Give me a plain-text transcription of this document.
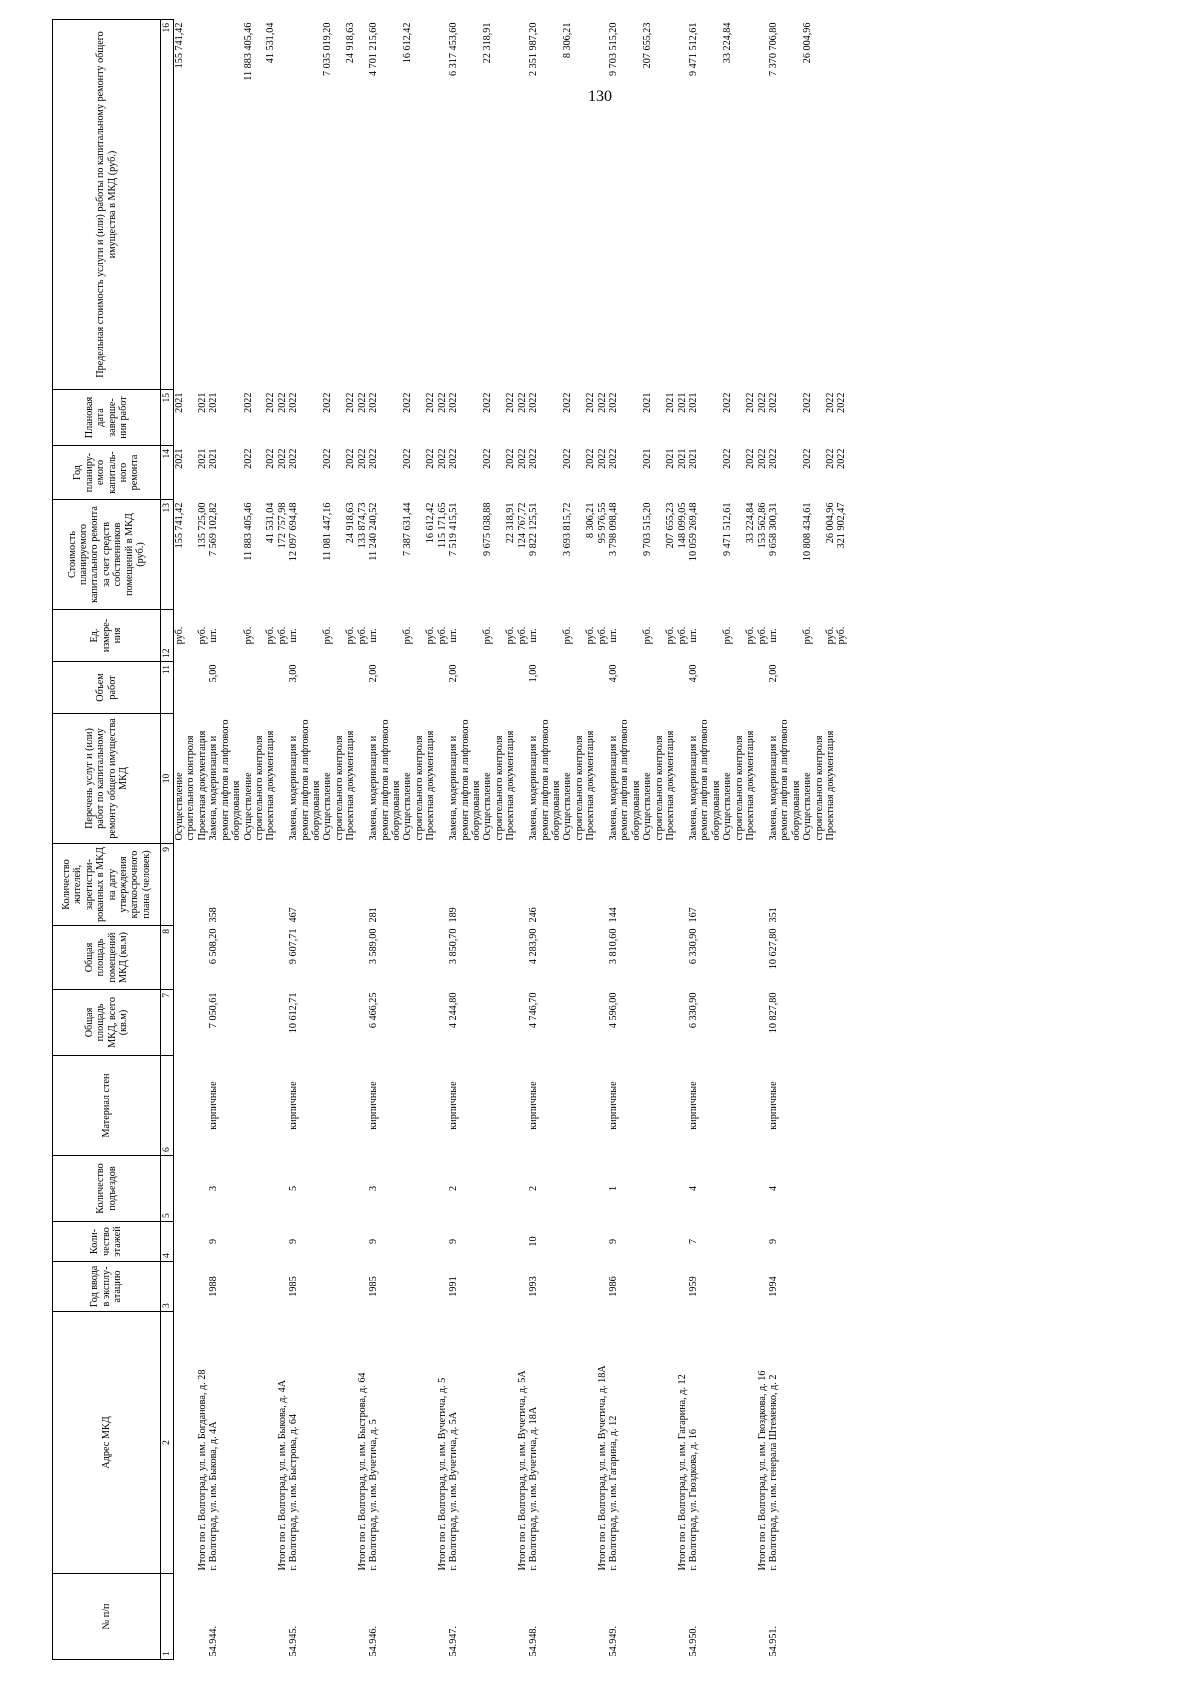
130
№ п/п	Адрес МКД	Год ввода в эксплу-атацию	Коли-чество этажей	Количество подъездов	Материал стен	Общая площадь МКД, всего (кв.м)	Общая площадь помещений МКД (кв.м)	Количество жителей, зарегистри-рованных в МКД на дату утверждения краткосрочного плана (человек)	Перечень услуг и (или) работ по капитальному ремонту общего имущества МКД	Объем работ	Ед. измере-ния	Стоимость планируемого капитального ремонта за счет средств собственников помещений в МКД (руб.)	Год планиру-емого капиталь-ного ремонта	Плановая дата заверше-ния работ	Предельная стоимость услуги и (или) работы по капитальному ремонту общего имущества в МКД (руб.)
1	2	3	4	5	6	7	8	9	10	11	12	13	14	15	16
									Осуществление строительного контроля		руб.	155 741,42	2021	2021	155 741,42
	Итого по г. Волгоград, ул. им. Богданова, д. 28								Проектная документация		руб.	135 725,00	2021	2021	
54.944.	г. Волгоград, ул. им. Быкова, д. 4А	1988	9	3	кирпичные	7 050,61	6 508,20	358	Замена, модернизация и ремонт лифтов и лифтового оборудования	5,00	шт.	7 569 102,82	2021	2021	
									Осуществление строительного контроля		руб.	11 883 405,46	2022	2022	11 883 405,46
									Проектная документация		руб.	41 531,04	2022	2022	41 531,04
	Итого по г. Волгоград, ул. им. Быкова, д. 4А										руб.	172 757,98	2022	2022	
54.945.	г. Волгоград, ул. им. Быстрова, д. 64	1985	9	5	кирпичные	10 612,71	9 607,71	467	Замена, модернизация и ремонт лифтов и лифтового оборудования	3,00	шт.	12 097 694,48	2022	2022	
									Осуществление строительного контроля		руб.	11 081 447,16	2022	2022	7 035 019,20
									Проектная документация		руб.	24 918,63	2022	2022	24 918,63
	Итого по г. Волгоград, ул. им. Быстрова, д. 64										руб.	133 874,73	2022	2022	
54.946.	г. Волгоград, ул. им. Вучетича, д. 5	1985	9	3	кирпичные	6 466,25	3 589,00	281	Замена, модернизация и ремонт лифтов и лифтового оборудования	2,00	шт.	11 240 240,52	2022	2022	4 701 215,60
									Осуществление строительного контроля		руб.	7 387 631,44	2022	2022	16 612,42
									Проектная документация		руб.	16 612,42	2022	2022	
	Итого по г. Волгоград, ул. им. Вучетича, д. 5										руб.	115 171,65	2022	2022	
54.947.	г. Волгоград, ул. им. Вучетича, д. 5А	1991	9	2	кирпичные	4 244,80	3 850,70	189	Замена, модернизация и ремонт лифтов и лифтового оборудования	2,00	шт.	7 519 415,51	2022	2022	6 317 453,60
									Осуществление строительного контроля		руб.	9 675 038,88	2022	2022	22 318,91
									Проектная документация		руб.	22 318,91	2022	2022	
	Итого по г. Волгоград, ул. им. Вучетича, д. 5А										руб.	124 767,72	2022	2022	
54.948.	г. Волгоград, ул. им. Вучетича, д. 18А	1993	10	2	кирпичные	4 746,70	4 283,90	246	Замена, модернизация и ремонт лифтов и лифтового оборудования	1,00	шт.	9 822 125,51	2022	2022	2 351 987,20
									Осуществление строительного контроля		руб.	3 693 815,72	2022	2022	8 306,21
									Проектная документация		руб.	8 306,21	2022	2022	
	Итого по г. Волгоград, ул. им. Вучетича, д. 18А										руб.	95 976,55	2022	2022	
54.949.	г. Волгоград, ул. им. Гагарина, д. 12	1986	9	1	кирпичные	4 596,00	3 810,60	144	Замена, модернизация и ремонт лифтов и лифтового оборудования	4,00	шт.	3 798 098,48	2022	2022	9 703 515,20
									Осуществление строительного контроля		руб.	9 703 515,20	2021	2021	207 655,23
									Проектная документация		руб.	207 655,23	2021	2021	
	Итого по г. Волгоград, ул. им. Гагарина, д. 12										руб.	148 099,05	2021	2021	
54.950.	г. Волгоград, ул. Гвоздкова, д. 16	1959	7	4	кирпичные	6 330,90	6 330,90	167	Замена, модернизация и ремонт лифтов и лифтового оборудования	4,00	шт.	10 059 269,48	2021	2021	9 471 512,61
									Осуществление строительного контроля		руб.	9 471 512,61	2022	2022	33 224,84
									Проектная документация		руб.	33 224,84	2022	2022	
	Итого по г. Волгоград, ул. им. Гвоздкова, д. 16										руб.	153 562,86	2022	2022	
54.951.	г. Волгоград, ул. им. генерала Штеменко, д. 2	1994	9	4	кирпичные	10 827,80	10 627,80	351	Замена, модернизация и ремонт лифтов и лифтового оборудования	2,00	шт.	9 658 300,31	2022	2022	7 370 706,80
									Осуществление строительного контроля		руб.	10 808 434,61	2022	2022	26 004,96
									Проектная документация		руб.	26 004,96	2022	2022	
											руб.	321 902,47	2022	2022	
